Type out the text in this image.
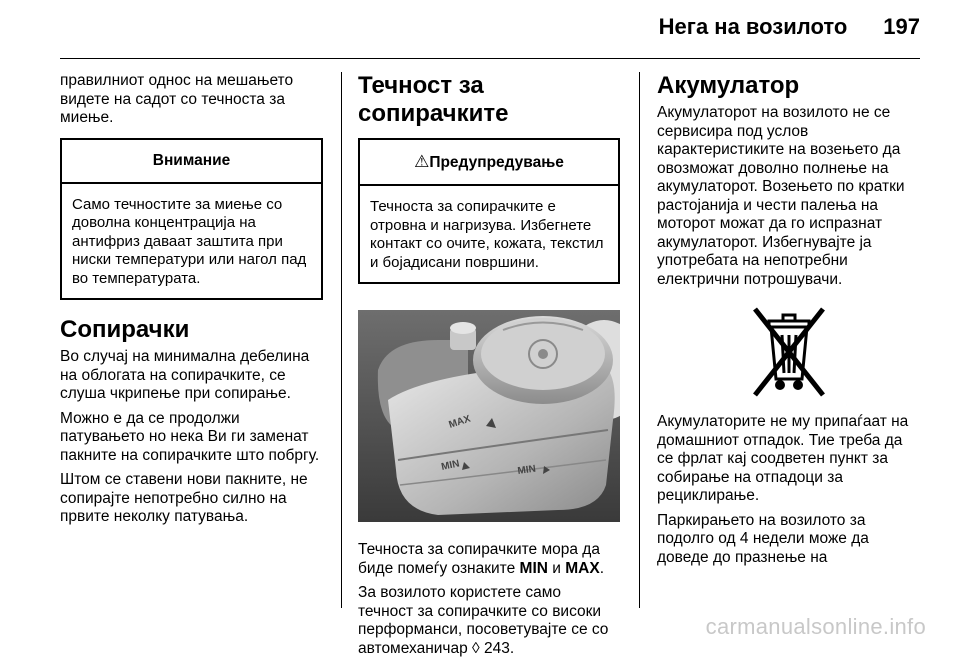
Нега на возилото 197

правилниот однос на мешањето видете на садот со течноста за миење.

Внимание
Само течностите за миење со доволна концентрација на антифриз даваат заштита при ниски температури или нагол пад во температурата.
Сопирачки

Во случај на минимална дебелина на облогата на сопирачките, се слуша чкрипење при сопирање.

Можно е да се продолжи патувањето но нека Ви ги заменат пакните на сопирачките што побргу.

Штом се ставени нови пакните, не сопирајте непотребно силно на првите неколку патувања.

Течност за сопирачките
⚠Предупредување
Течноста за сопирачките е отровна и нагризува. Избегнете контакт со очите, кожата, текстил и бојадисани површини.
MAX
MIN	MIN

Течноста за сопирачките мора да биде помеѓу ознаките MIN и MAX.

За возилото користете само течност за сопирачките со високи перформанси, посоветувајте се со автомеханичар ◊ 243.

Акумулатор

Акумулаторот на возилото не се сервисира под услов карактеристиките на возењето да овозможат доволно полнење на акумулаторот. Возењето по кратки растојанија и чести палења на моторот можат да го испразнат акумулаторот. Избегнувајте ја употребата на непотребни електрични потрошувачи.

Акумулаторите не му припаѓаат на домашниот отпадок. Тие треба да се фрлат кај соодветен пункт за собирање на отпадоци за рециклирање.

Паркирањето на возилото за подолго од 4 недели може да доведе до празнење на

carmanualsonline.info
